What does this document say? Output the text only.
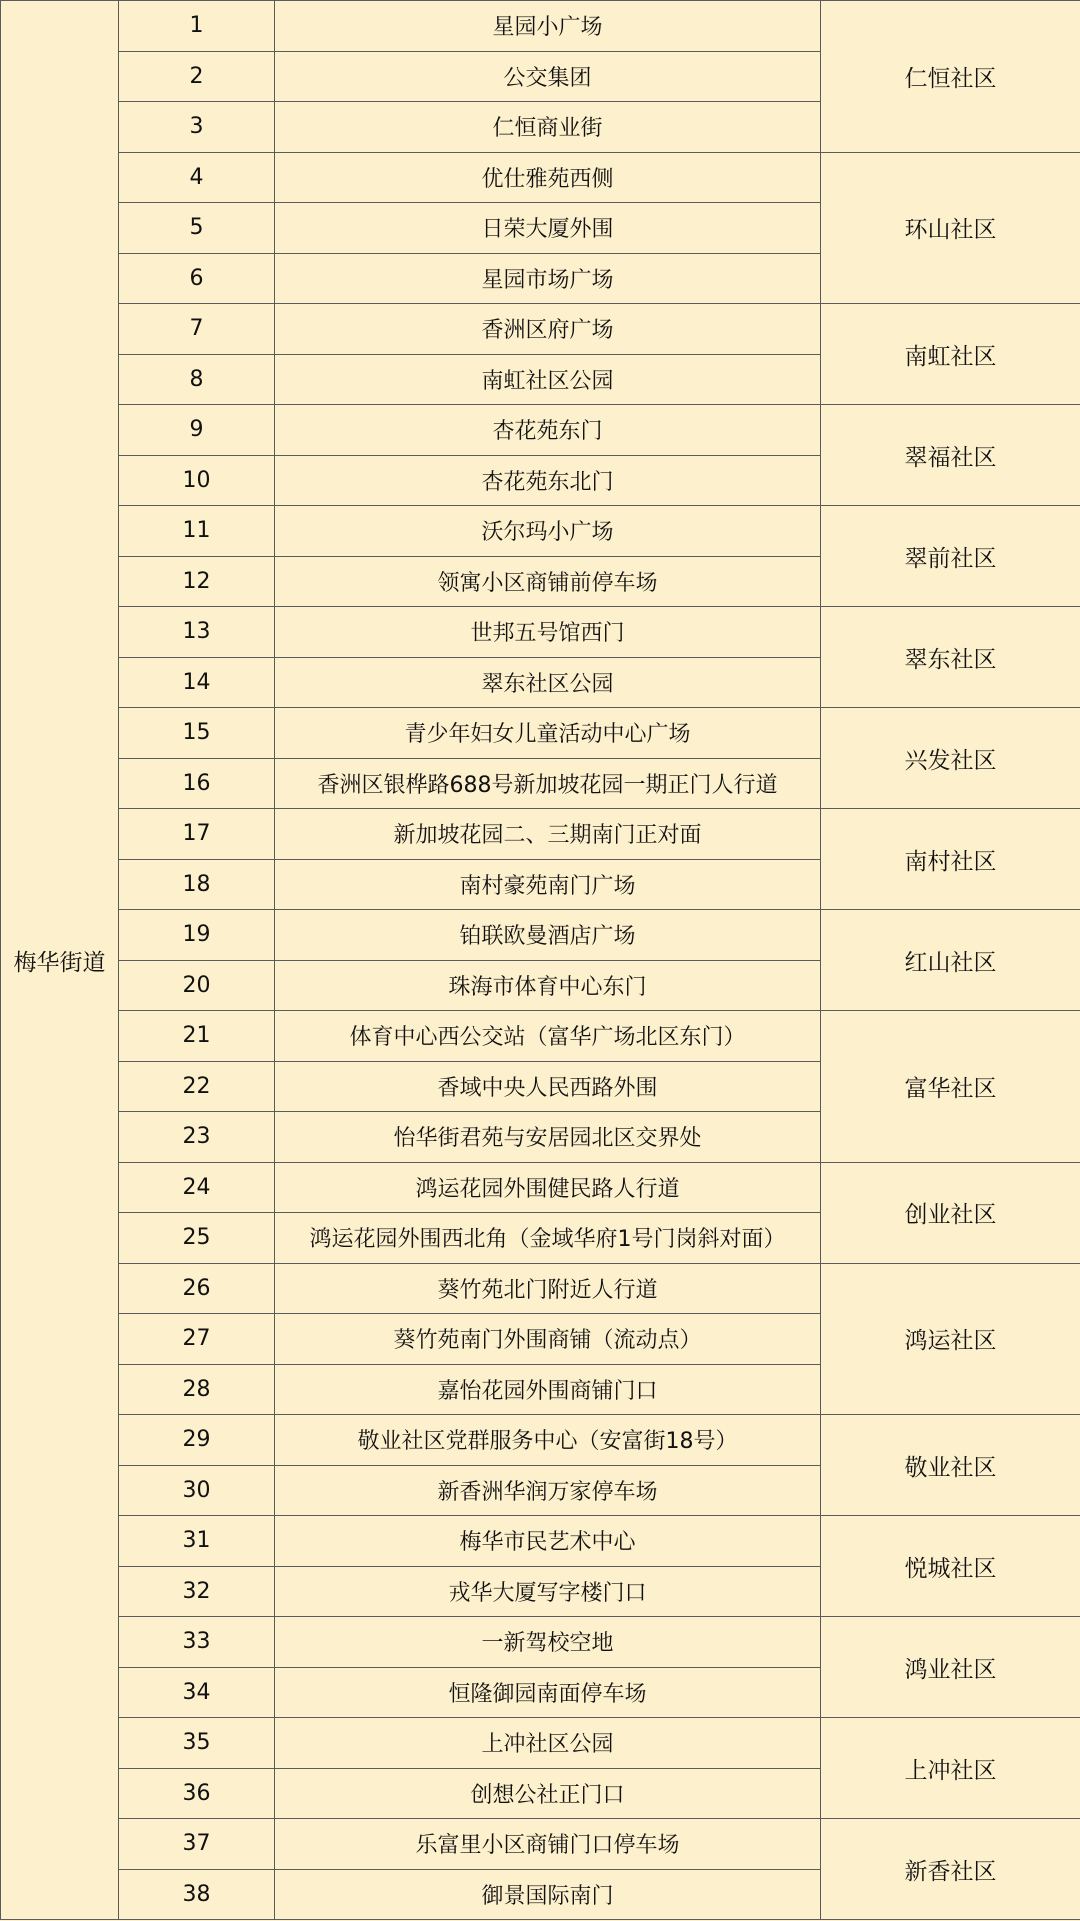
梅华街道	1	星园小广场	仁恒社区
	2	公交集团	
	3	仁恒商业街	
	4	优仕雅苑西侧	环山社区
	5	日荣大厦外围	
	6	星园市场广场	
	7	香洲区府广场	南虹社区
	8	南虹社区公园	
	9	杏花苑东门	翠福社区
	10	杏花苑东北门	
	11	沃尔玛小广场	翠前社区
	12	领寓小区商铺前停车场	
	13	世邦五号馆西门	翠东社区
	14	翠东社区公园	
	15	青少年妇女儿童活动中心广场	兴发社区
	16	香洲区银桦路688号新加坡花园一期正门人行道	
	17	新加坡花园二、三期南门正对面	南村社区
	18	南村豪苑南门广场	
	19	铂联欧曼酒店广场	红山社区
	20	珠海市体育中心东门	
	21	体育中心西公交站（富华广场北区东门）	富华社区
	22	香域中央人民西路外围	
	23	怡华街君苑与安居园北区交界处	
	24	鸿运花园外围健民路人行道	创业社区
	25	鸿运花园外围西北角（金域华府1号门岗斜对面）	
	26	葵竹苑北门附近人行道	鸿运社区
	27	葵竹苑南门外围商铺（流动点）	
	28	嘉怡花园外围商铺门口	
	29	敬业社区党群服务中心（安富街18号）	敬业社区
	30	新香洲华润万家停车场	
	31	梅华市民艺术中心	悦城社区
	32	戎华大厦写字楼门口	
	33	一新驾校空地	鸿业社区
	34	恒隆御园南面停车场	
	35	上冲社区公园	上冲社区
	36	创想公社正门口	
	37	乐富里小区商铺门口停车场	新香社区
	38	御景国际南门	
